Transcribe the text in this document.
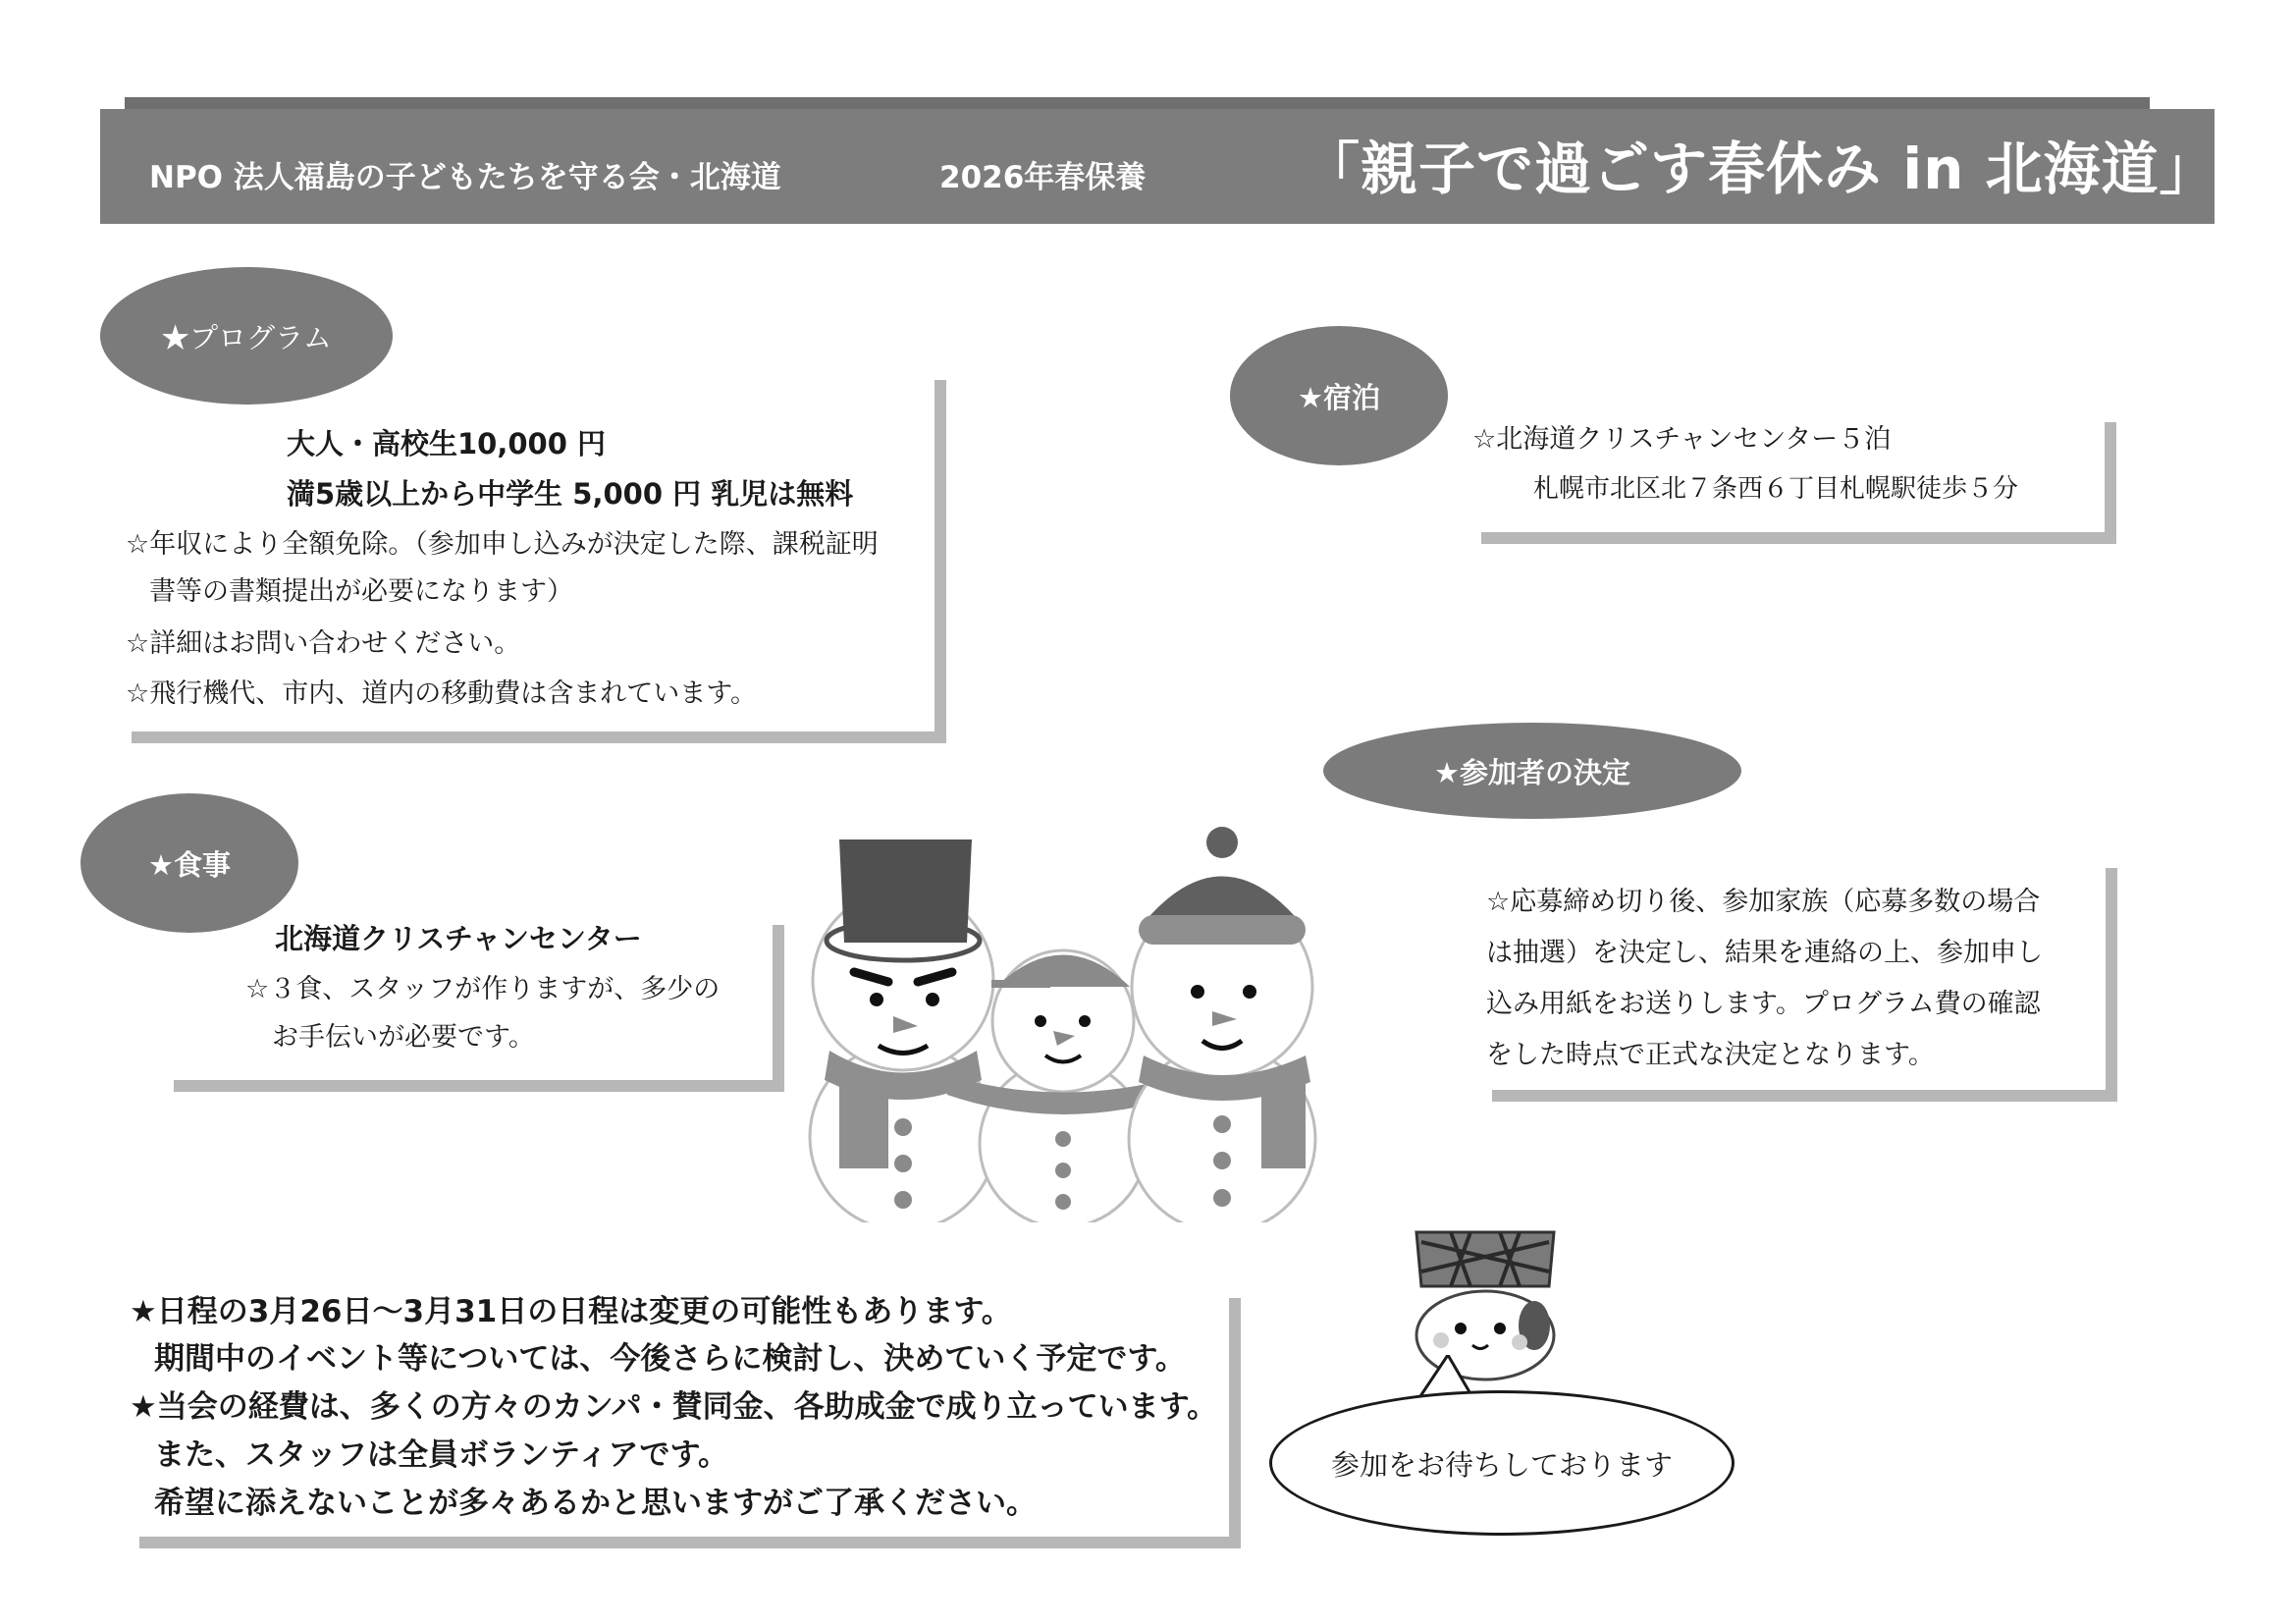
NPO 法人福島の子どもたちを守る会・北海道	2026年春保養	「親子で過ごす春休み in 北海道」
★プログラム
大人・高校生10,000 円
満5歳以上から中学生 5,000 円 乳児は無料
☆年収により全額免除。（参加申し込みが決定した際、課税証明
書等の書類提出が必要になります）
☆詳細はお問い合わせください。
☆飛行機代、市内、道内の移動費は含まれています。
★宿泊
☆北海道クリスチャンセンター５泊
札幌市北区北７条西６丁目札幌駅徒歩５分
★食事
北海道クリスチャンセンター
☆３食、スタッフが作りますが、多少の
お手伝いが必要です。
★参加者の決定
☆応募締め切り後、参加家族（応募多数の場合
は抽選）を決定し、結果を連絡の上、参加申し
込み用紙をお送りします。プログラム費の確認
をした時点で正式な決定となります。
★日程の3月26日～3月31日の日程は変更の可能性もあります。
期間中のイベント等については、今後さらに検討し、決めていく予定です。
★当会の経費は、多くの方々のカンパ・賛同金、各助成金で成り立っています。
また、スタッフは全員ボランティアです。
希望に添えないことが多々あるかと思いますがご了承ください。
参加をお待ちしております
